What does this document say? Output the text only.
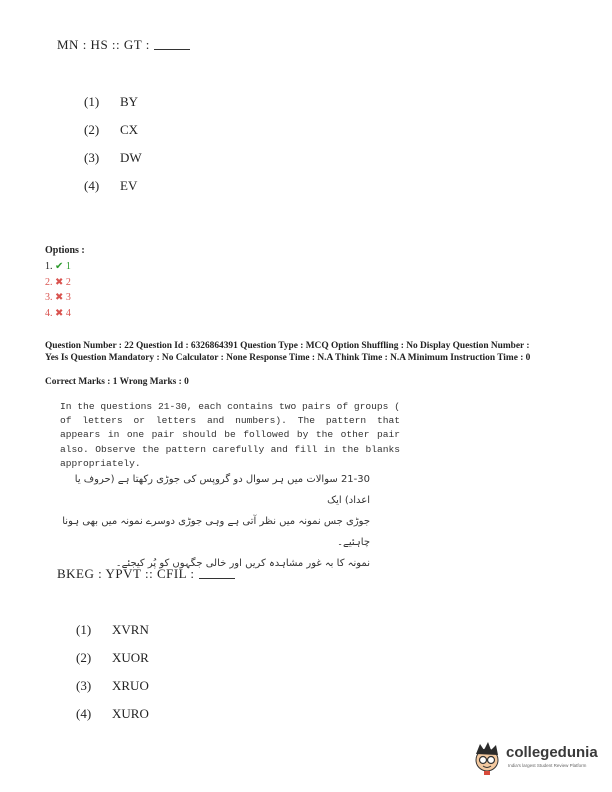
MN : HS :: GT :
(1) BY
(2) CX
(3) DW
(4) EV
Options :
1. ✔ 1
2. ✖ 2
3. ✖ 3
4. ✖ 4
Question Number : 22 Question Id : 6326864391 Question Type : MCQ Option Shuffling : No Display Question Number : Yes Is Question Mandatory : No Calculator : None Response Time : N.A Think Time : N.A Minimum Instruction Time : 0
Correct Marks : 1 Wrong Marks : 0
In the questions 21-30, each contains two pairs of groups ( of letters or letters and numbers). The pattern that appears in one pair should be followed by the other pair also. Observe the pattern carefully and fill in the blanks appropriately.
21-30 سوالات میں ہر سوال دو گروپس کی جوڑی رکھتا ہے (حروف یا اعداد) ایک
جوڑی جس نمونہ میں نظر آتی ہے وہی جوڑی دوسرے نمونہ میں بھی ہونا چاہئیے۔
نمونہ کا بہ غور مشاہدہ کریں اور خالی جگہوں کو پُر کیجئے۔
BKEG : YPVT :: CFIL :
(1) XVRN
(2) XUOR
(3) XRUO
(4) XURO
collegedunia
India's largest Student Review Platform
